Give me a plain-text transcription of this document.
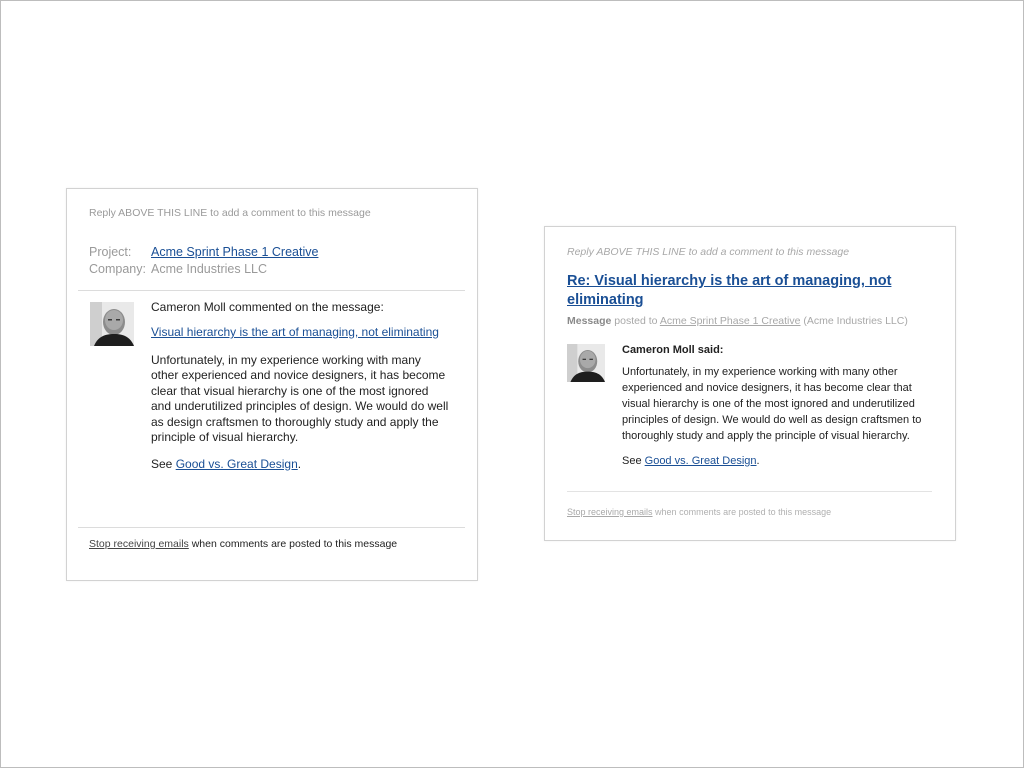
Reply ABOVE THIS LINE to add a comment to this message
Project:	Acme Sprint Phase 1 Creative
Company: Acme Industries LLC
Cameron Moll commented on the message:
Visual hierarchy is the art of managing, not eliminating
Unfortunately, in my experience working with many other experienced and novice designers, it has become clear that visual hierarchy is one of the most ignored and underutilized principles of design. We would do well as design craftsmen to thoroughly study and apply the principle of visual hierarchy.
See Good vs. Great Design.
Stop receiving emails when comments are posted to this message
Reply ABOVE THIS LINE to add a comment to this message
Re: Visual hierarchy is the art of managing, not eliminating
Message posted to Acme Sprint Phase 1 Creative (Acme Industries LLC)
Cameron Moll said:
Unfortunately, in my experience working with many other experienced and novice designers, it has become clear that visual hierarchy is one of the most ignored and underutilized principles of design. We would do well as design craftsmen to thoroughly study and apply the principle of visual hierarchy.
See Good vs. Great Design.
Stop receiving emails when comments are posted to this message
